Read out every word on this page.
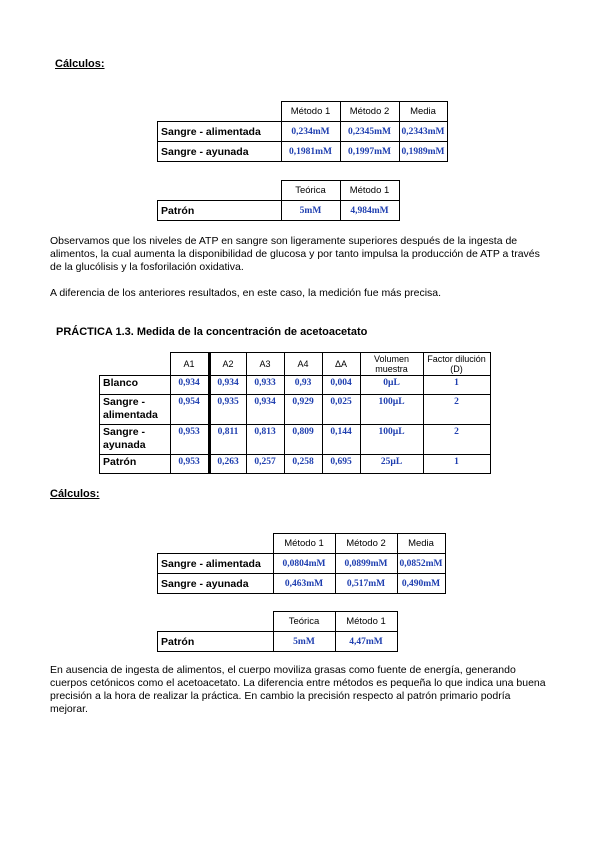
Cálculos:
	Método 1	Método 2	Media
Sangre - alimentada	0,234mM	0,2345mM	0,2343mM
Sangre - ayunada	0,1981mM	0,1997mM	0,1989mM
	Teórica	Método 1
Patrón	5mM	4,984mM
Observamos que los niveles de ATP en sangre son ligeramente superiores después de la ingesta de alimentos, la cual aumenta la disponibilidad de glucosa y por tanto impulsa la producción de ATP a través de la glucólisis y la fosforilación oxidativa.
A diferencia de los anteriores resultados, en este caso, la medición fue más precisa.
PRÁCTICA 1.3. Medida de la concentración de acetoacetato
	A1	A2	A3	A4	ΔA	Volumen muestra	Factor dilución (D)
Blanco	0,934	0,934	0,933	0,93	0,004	0µL	1
Sangre - alimentada	0,954	0,935	0,934	0,929	0,025	100µL	2
Sangre - ayunada	0,953	0,811	0,813	0,809	0,144	100µL	2
Patrón	0,953	0,263	0,257	0,258	0,695	25µL	1
Cálculos:
	Método 1	Método 2	Media
Sangre - alimentada	0,0804mM	0,0899mM	0,0852mM
Sangre - ayunada	0,463mM	0,517mM	0,490mM
	Teórica	Método 1
Patrón	5mM	4,47mM
En ausencia de ingesta de alimentos, el cuerpo moviliza grasas como fuente de energía, generando cuerpos cetónicos como el acetoacetato. La diferencia entre métodos es pequeña lo que indica una buena precisión a la hora de realizar la práctica. En cambio la precisión respecto al patrón primario podría mejorar.
